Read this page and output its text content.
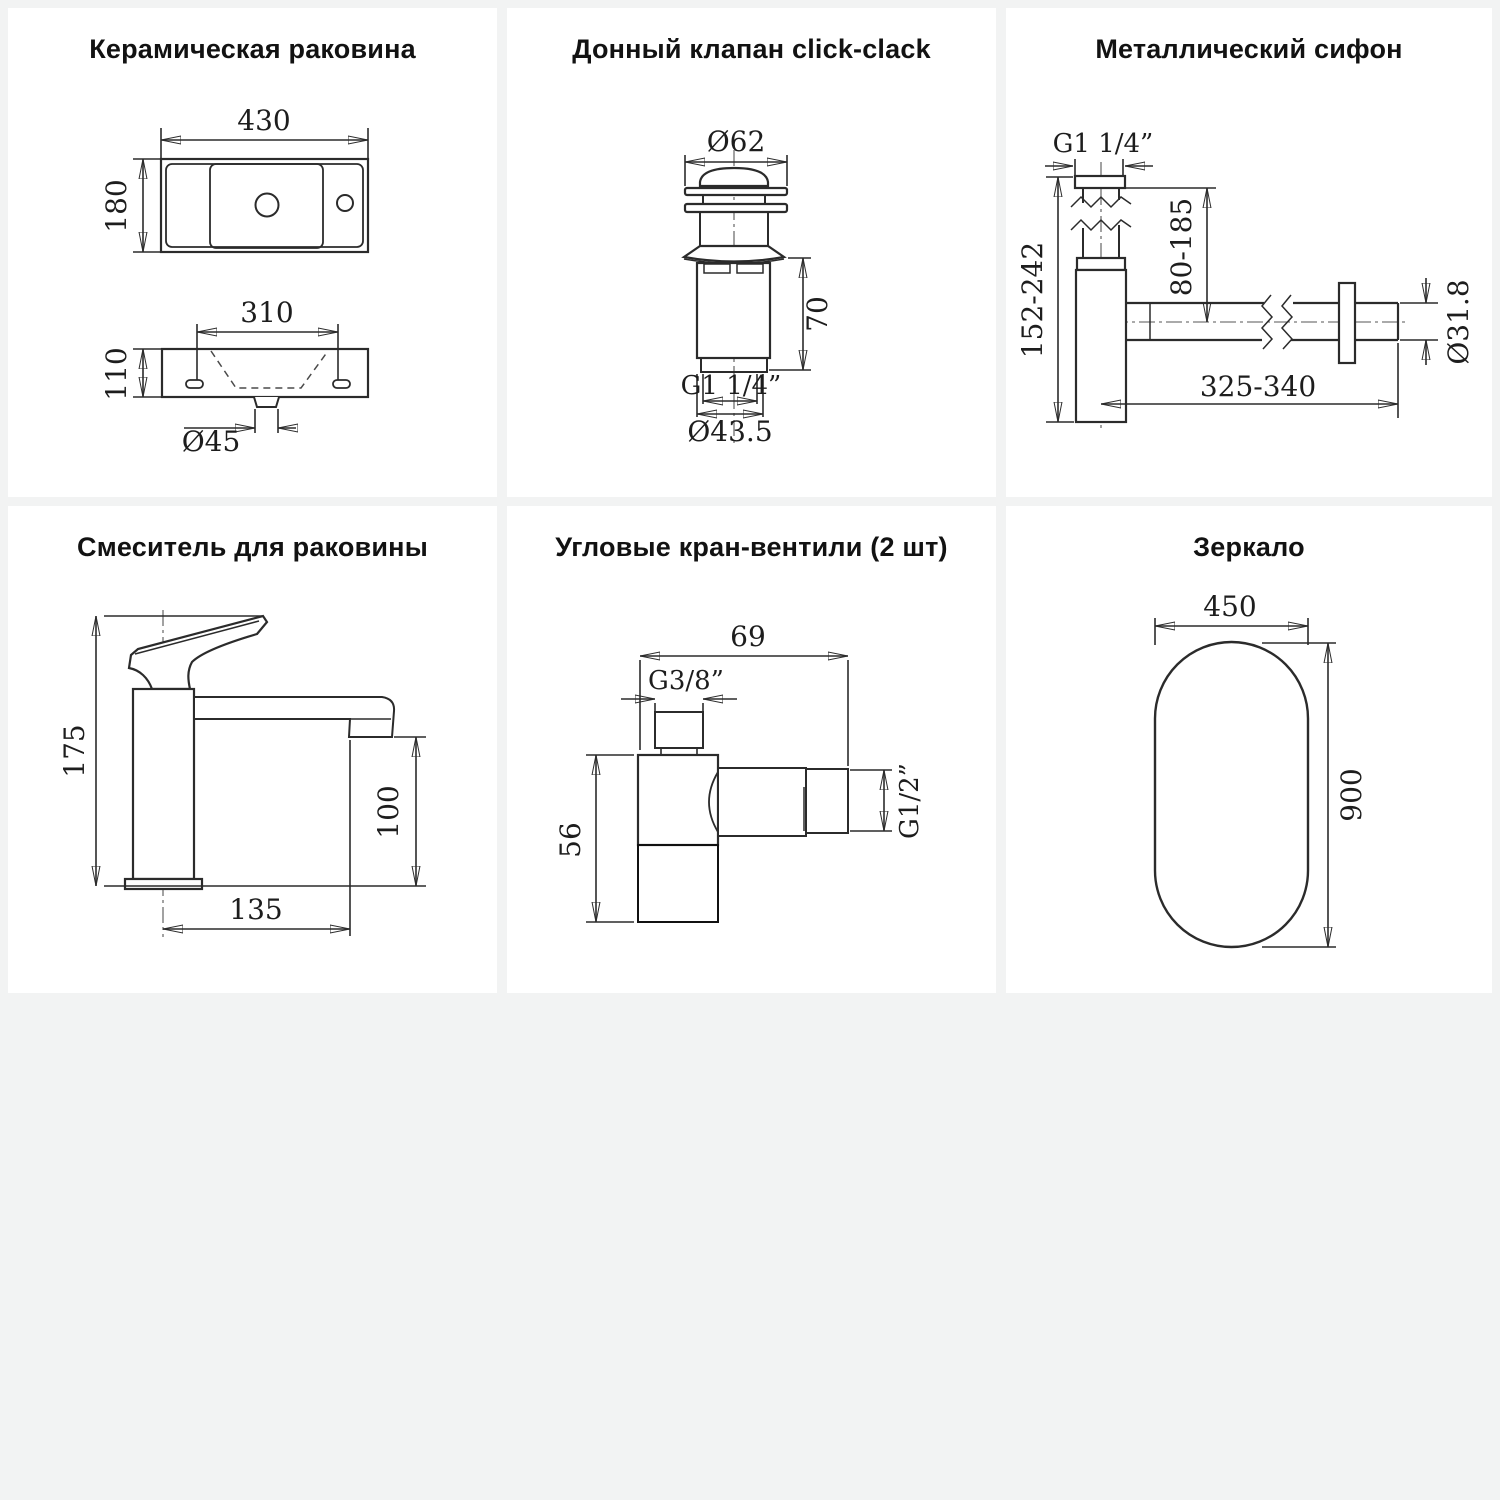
Керамическая раковина
430
180
310
110
Ø45
Донный клапан click-clack
Ø62
70
G1 1/4”
Ø43.5
Металлический сифон
G1 1/4”
152-242	80-185
Ø31.8
325-340
Смеситель для раковины
175
100
135
Угловые кран-вентили (2 шт)
69
G3/8”
56
G1/2”
Зеркало
450
900
